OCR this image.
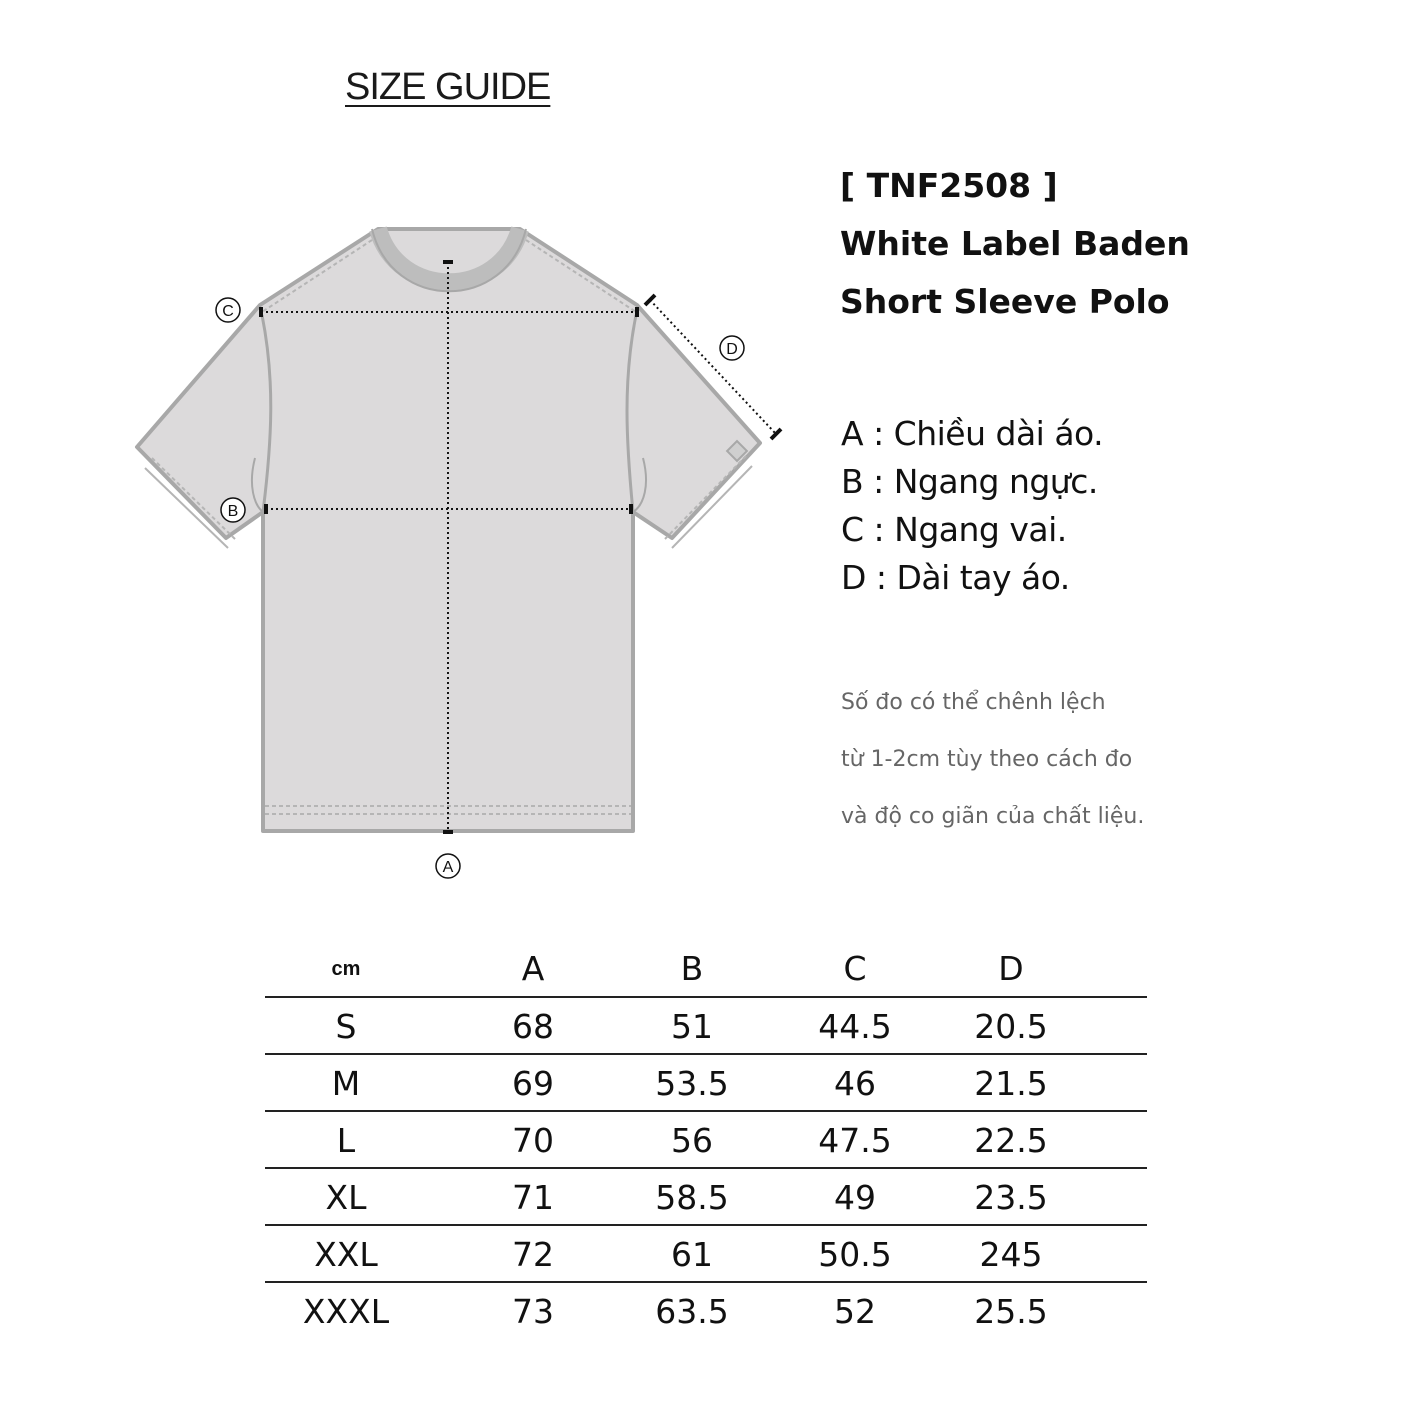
SIZE GUIDE
C
D
B
A
[ TNF2508 ]
White Label Baden
Short Sleeve Polo
A : Chiều dài áo.
B : Ngang ngực.
C : Ngang vai.
D : Dài tay áo.
Số đo có thể chênh lệch
từ 1-2cm tùy theo cách đo
và độ co giãn của chất liệu.
cm	A	B	C	D
S	68	51	44.5	20.5
M	69	53.5	46	21.5
L	70	56	47.5	22.5
XL	71	58.5	49	23.5
XXL	72	61	50.5	245
XXXL	73	63.5	52	25.5
